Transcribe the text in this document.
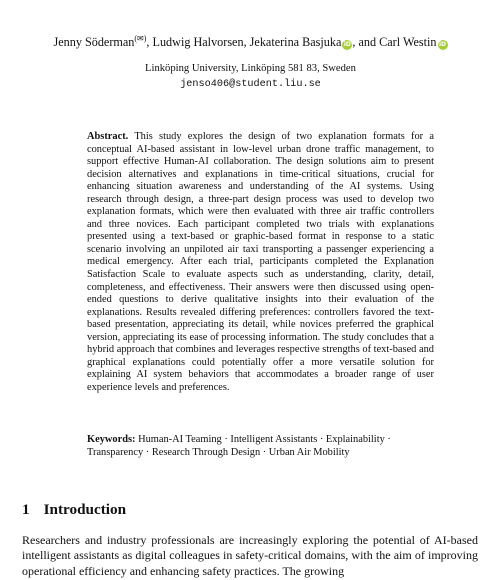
Jenny Söderman(✉), Ludwig Halvorsen, Jekaterina Basjuka iD, and Carl Westin iD
Linköping University, Linköping 581 83, Sweden
jenso406@student.liu.se
Abstract. This study explores the design of two explanation formats for a conceptual AI-based assistant in low-level urban drone traffic management, to support effective Human-AI collaboration. The design solutions aim to present decision alternatives and explanations in time-critical situations, crucial for enhancing situation awareness and understanding of the AI systems. Using research through design, a three-part design process was used to develop two explanation formats, which were then evaluated with three air traffic controllers and three novices. Each participant completed two trials with explanations presented using a text-based or graphic-based format in response to a static scenario involving an unpiloted air taxi transporting a passenger experiencing a medical emergency. After each trial, participants completed the Explanation Satisfaction Scale to evaluate aspects such as understanding, clarity, detail, completeness, and effectiveness. Their answers were then discussed using open-ended questions to derive qualitative insights into their evaluation of the explanations. Results revealed differing preferences: controllers favored the text-based presentation, appreciating its detail, while novices preferred the graphical version, appreciating its ease of processing information. The study concludes that a hybrid approach that combines and leverages respective strengths of text-based and graphical explanations could potentially offer a more versatile solution for explaining AI system behaviors that accommodates a broader range of user experience levels and preferences.
Keywords: Human-AI Teaming · Intelligent Assistants · Explainability · Transparency · Research Through Design · Urban Air Mobility
1 Introduction
Researchers and industry professionals are increasingly exploring the potential of AI-based intelligent assistants as digital colleagues in safety-critical domains, with the aim of improving operational efficiency and enhancing safety practices. The growing
